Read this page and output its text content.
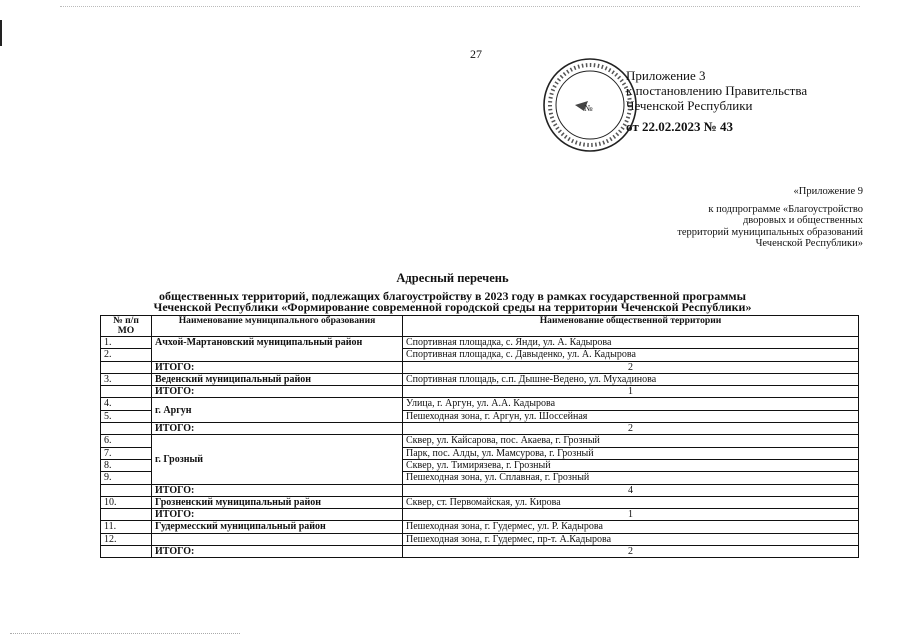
27
№
Приложение 3
к постановлению Правительства
Чеченской Республики
от 22.02.2023 № 43
«Приложение 9
к подпрограмме «Благоустройство
дворовых и общественных
территорий муниципальных образований
Чеченской Республики»
Адресный перечень
общественных территорий, подлежащих благоустройству в 2023 году в рамках государственной программы
Чеченской Республики «Формирование современной городской среды на территории Чеченской Республики»
№ п/п МО	Наименование муниципального образования	Наименование общественной территории
1.	Ачхой-Мартановский муниципальный район	Спортивная площадка, с. Янди, ул. А. Кадырова
2.		Спортивная площадка, с. Давыденко, ул. А. Кадырова
	ИТОГО:	2
3.	Веденский муниципальный район	Спортивная площадь, с.п. Дышне-Ведено, ул. Мухадинова
	ИТОГО:	1
4.	г. Аргун	Улица, г. Аргун, ул. А.А. Кадырова
5.		Пешеходная зона, г. Аргун, ул. Шоссейная
	ИТОГО:	2
6.	г. Грозный	Сквер, ул. Кайсарова, пос. Акаева, г. Грозный
7.		Парк, пос. Алды, ул. Мамсурова, г. Грозный
8.		Сквер, ул. Тимирязева, г. Грозный
9.		Пешеходная зона, ул. Сплавная, г. Грозный
	ИТОГО:	4
10.	Грозненский муниципальный район	Сквер, ст. Первомайская, ул. Кирова
	ИТОГО:	1
11.	Гудермесский муниципальный район	Пешеходная зона, г. Гудермес, ул. Р. Кадырова
12.		Пешеходная зона, г. Гудермес, пр-т. А.Кадырова
	ИТОГО:	2
